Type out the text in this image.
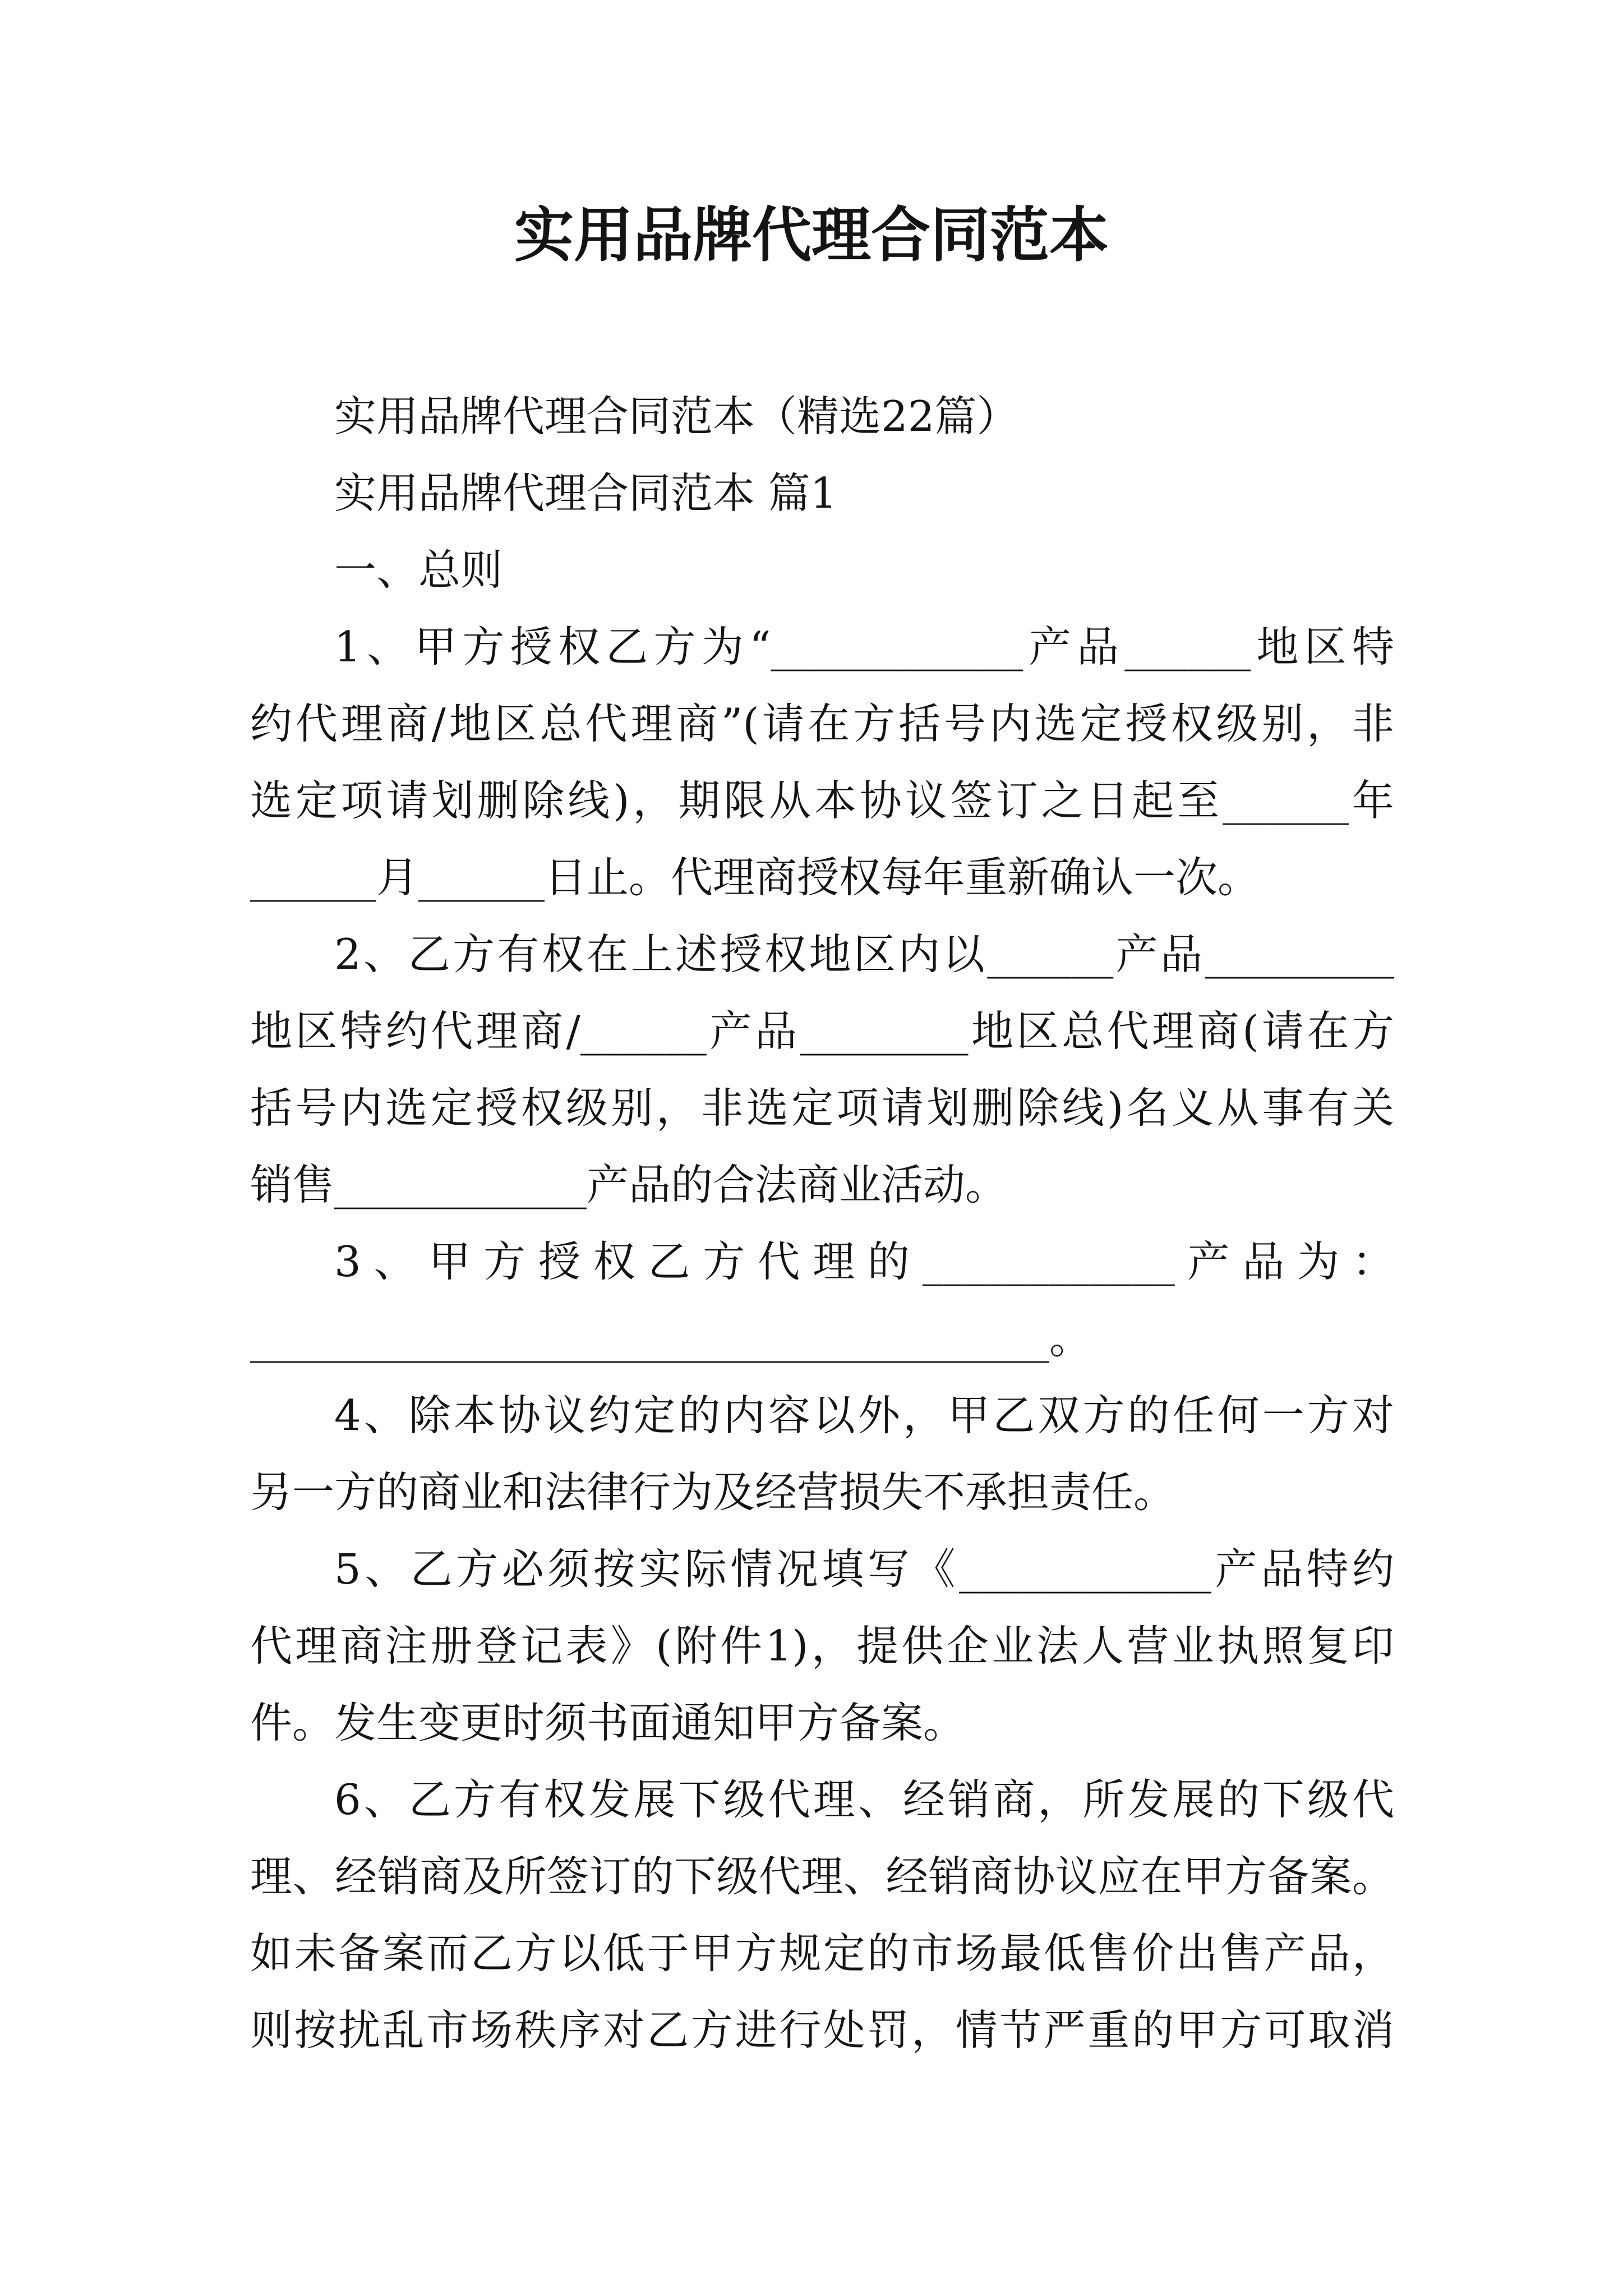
实用品牌代理合同范本
实用品牌代理合同范本（精选22篇）
实用品牌代理合同范本 篇1
一、总则
1、甲方授权乙方为“____________产品______地区特
约代理商/地区总代理商”(请在方括号内选定授权级别，非
选定项请划删除线)，期限从本协议签订之日起至______年
______月______日止。代理商授权每年重新确认一次。
2、乙方有权在上述授权地区内以______产品_________
地区特约代理商/______产品________地区总代理商(请在方
括号内选定授权级别，非选定项请划删除线)名义从事有关
销售____________产品的合法商业活动。
3、甲方授权乙方代理的____________产品为：
______________________________________。
4、除本协议约定的内容以外，甲乙双方的任何一方对
另一方的商业和法律行为及经营损失不承担责任。
5、乙方必须按实际情况填写《____________产品特约
代理商注册登记表》(附件1)，提供企业法人营业执照复印
件。发生变更时须书面通知甲方备案。
6、乙方有权发展下级代理、经销商，所发展的下级代
理、经销商及所签订的下级代理、经销商协议应在甲方备案。
如未备案而乙方以低于甲方规定的市场最低售价出售产品，
则按扰乱市场秩序对乙方进行处罚，情节严重的甲方可取消
